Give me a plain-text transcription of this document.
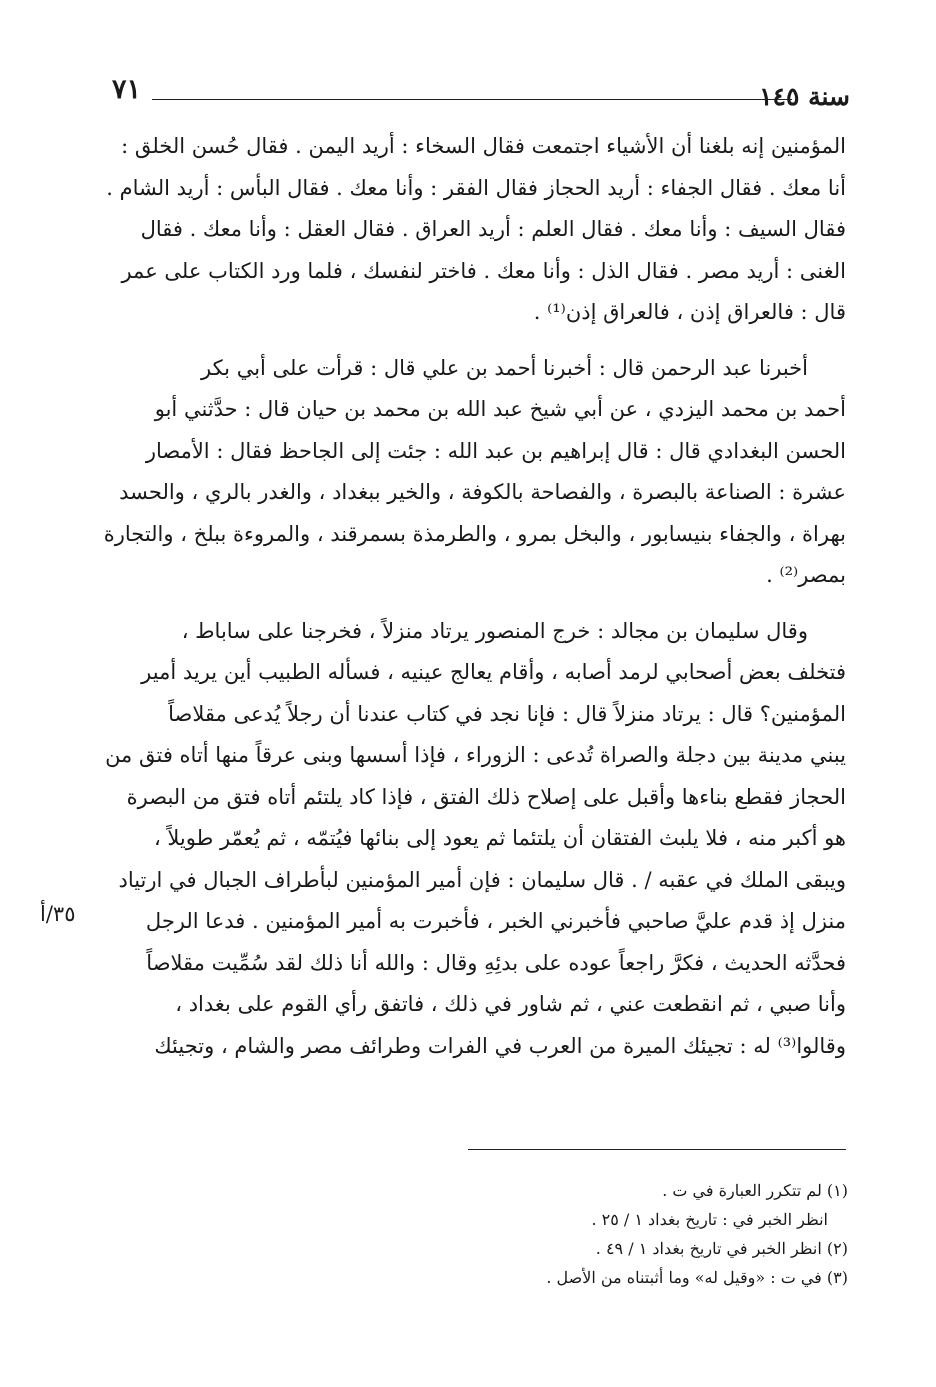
سنة ١٤٥
٧١
٣٥/أ
المؤمنين إنه بلغنا أن الأشياء اجتمعت فقال السخاء : أريد اليمن . فقال حُسن الخلق :
أنا معك . فقال الجفاء : أريد الحجاز فقال الفقر : وأنا معك . فقال البأس : أريد الشام .
فقال السيف : وأنا معك . فقال العلم : أريد العراق . فقال العقل : وأنا معك . فقال
الغنى : أريد مصر . فقال الذل : وأنا معك . فاختر لنفسك ، فلما ورد الكتاب على عمر
قال : فالعراق إذن ، فالعراق إذن⁽¹⁾ .
أخبرنا عبد الرحمن قال : أخبرنا أحمد بن علي قال : قرأت على أبي بكر
أحمد بن محمد اليزدي ، عن أبي شيخ عبد الله بن محمد بن حيان قال : حدَّثني أبو
الحسن البغدادي قال : قال إبراهيم بن عبد الله : جئت إلى الجاحظ فقال : الأمصار
عشرة : الصناعة بالبصرة ، والفصاحة بالكوفة ، والخير ببغداد ، والغدر بالري ، والحسد
بهراة ، والجفاء بنيسابور ، والبخل بمرو ، والطرمذة بسمرقند ، والمروءة ببلخ ، والتجارة
بمصر⁽²⁾ .
وقال سليمان بن مجالد : خرج المنصور يرتاد منزلاً ، فخرجنا على ساباط ،
فتخلف بعض أصحابي لرمد أصابه ، وأقام يعالج عينيه ، فسأله الطبيب أين يريد أمير
المؤمنين؟ قال : يرتاد منزلاً قال : فإنا نجد في كتاب عندنا أن رجلاً يُدعى مقلاصاً
يبني مدينة بين دجلة والصراة تُدعى : الزوراء ، فإذا أسسها وبنى عرقاً منها أتاه فتق من
الحجاز فقطع بناءها وأقبل على إصلاح ذلك الفتق ، فإذا كاد يلتئم أتاه فتق من البصرة
هو أكبر منه ، فلا يلبث الفتقان أن يلتئما ثم يعود إلى بنائها فيُتمّه ، ثم يُعمّر طويلاً ،
ويبقى الملك في عقبه / . قال سليمان : فإن أمير المؤمنين لبأطراف الجبال في ارتياد
منزل إذ قدم عليَّ صاحبي فأخبرني الخبر ، فأخبرت به أمير المؤمنين . فدعا الرجل
فحدَّثه الحديث ، فكرَّ راجعاً عوده على بدئِهِ وقال : والله أنا ذلك لقد سُمِّيت مقلاصاً
وأنا صبي ، ثم انقطعت عني ، ثم شاور في ذلك ، فاتفق رأي القوم على بغداد ،
وقالوا⁽³⁾ له : تجيئك الميرة من العرب في الفرات وطرائف مصر والشام ، وتجيئك
(١) لم تتكرر العبارة في ت .
انظر الخبر في : تاريخ بغداد ١ / ٢٥ .
(٢) انظر الخبر في تاريخ بغداد ١ / ٤٩ .
(٣) في ت : «وقيل له» وما أثبتناه من الأصل .
